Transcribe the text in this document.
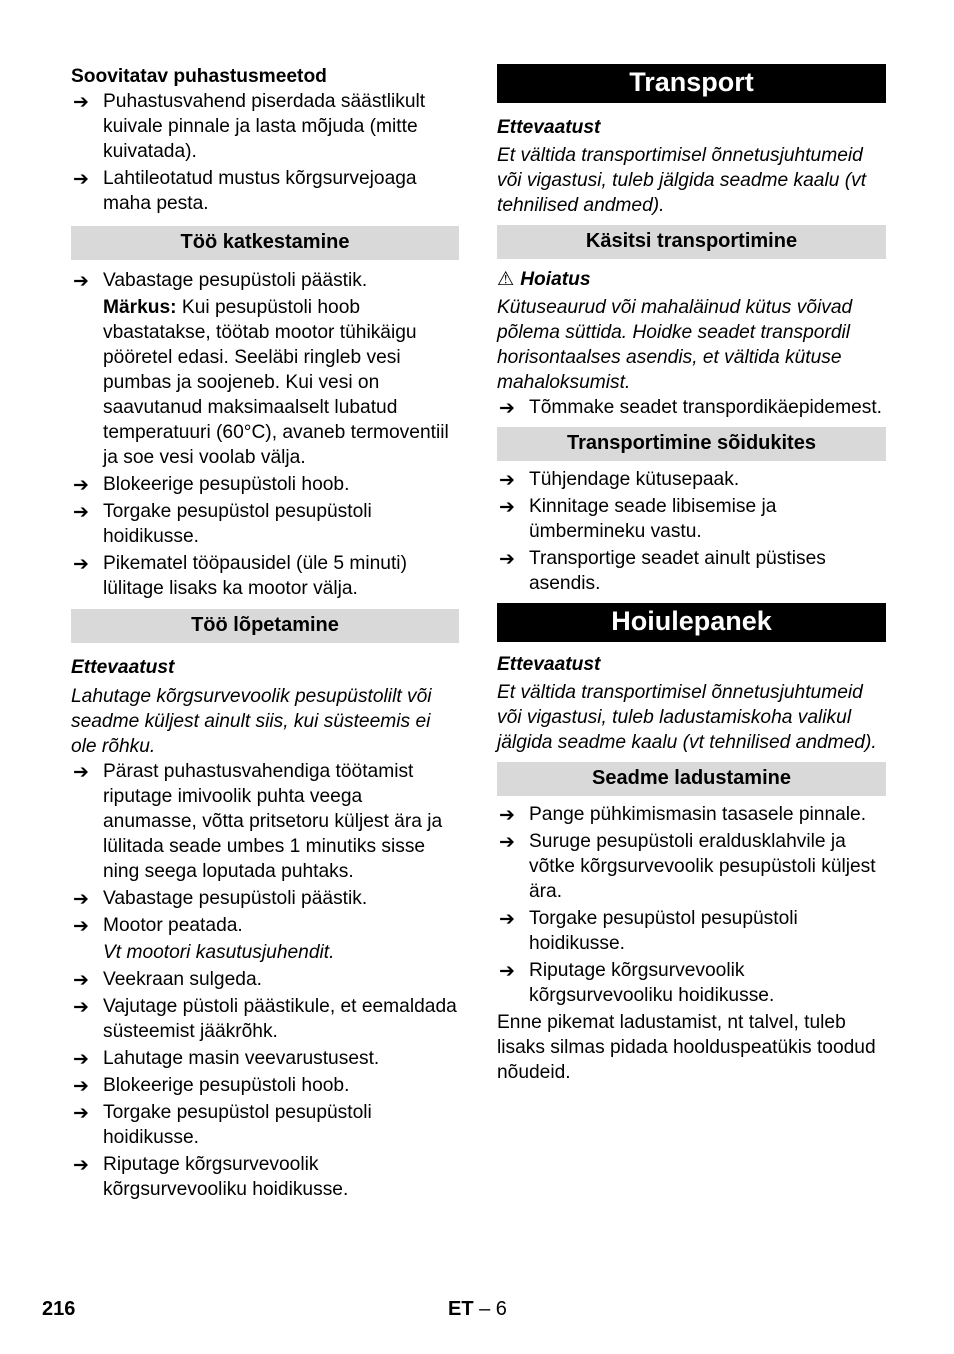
Soovitatav puhastusmeetod

➔ Puhastusvahend piserdada säästlikult kuivale pinnale ja lasta mõjuda (mitte kuivatada).
➔ Lahtileotatud mustus kõrgsurvejoaga maha pesta.
Töö katkestamine
➔ Vabastage pesupüstoli päästik.

Märkus: Kui pesupüstoli hoob vbastatakse, töötab mootor tühikäigu pööretel edasi. Seeläbi ringleb vesi pumbas ja soojeneb. Kui vesi on saavutanud maksimaalselt lubatud temperatuuri (60°C), avaneb termoventiil ja soe vesi voolab välja.

➔ Blokeerige pesupüstoli hoob.
➔ Torgake pesupüstol pesupüstoli hoidikusse.
➔ Pikematel tööpausidel (üle 5 minuti) lülitage lisaks ka mootor välja.
Töö lõpetamine

Ettevaatust

Lahutage kõrgsurvevoolik pesupüstolilt või seadme küljest ainult siis, kui süsteemis ei ole rõhku.

➔ Pärast puhastusvahendiga töötamist riputage imivoolik puhta veega anumasse, võtta pritsetoru küljest ära ja lülitada seade umbes 1 minutiks sisse ning seega loputada puhtaks.
➔ Vabastage pesupüstoli päästik.
➔ Mootor peatada.

Vt mootori kasutusjuhendit.

➔ Veekraan sulgeda.
➔ Vajutage püstoli päästikule, et eemaldada süsteemist jääkrõhk.
➔ Lahutage masin veevarustusest.
➔ Blokeerige pesupüstoli hoob.
➔ Torgake pesupüstol pesupüstoli hoidikusse.
➔ Riputage kõrgsurvevoolik kõrgsurvevooliku hoidikusse.
Transport

Ettevaatust

Et vältida transportimisel õnnetusjuhtumeid või vigastusi, tuleb jälgida seadme kaalu (vt tehnilised andmed).

Käsitsi transportimine

⚠ Hoiatus

Kütuseaurud või mahaläinud kütus võivad põlema süttida. Hoidke seadet transpordil horisontaalses asendis, et vältida kütuse mahaloksumist.

➔ Tõmmake seadet transpordikäepidemest.
Transportimine sõidukites
➔ Tühjendage kütusepaak.
➔ Kinnitage seade libisemise ja ümbermineku vastu.
➔ Transportige seadet ainult püstises asendis.
Hoiulepanek

Ettevaatust

Et vältida transportimisel õnnetusjuhtumeid või vigastusi, tuleb ladustamiskoha valikul jälgida seadme kaalu (vt tehnilised andmed).

Seadme ladustamine
➔ Pange pühkimismasin tasasele pinnale.
➔ Suruge pesupüstoli eraldusklahvile ja võtke kõrgsurvevoolik pesupüstoli küljest ära.
➔ Torgake pesupüstol pesupüstoli hoidikusse.
➔ Riputage kõrgsurvevoolik kõrgsurvevooliku hoidikusse.

Enne pikemat ladustamist, nt talvel, tuleb lisaks silmas pidada hoolduspeatükis toodud nõudeid.

216	ET – 6
